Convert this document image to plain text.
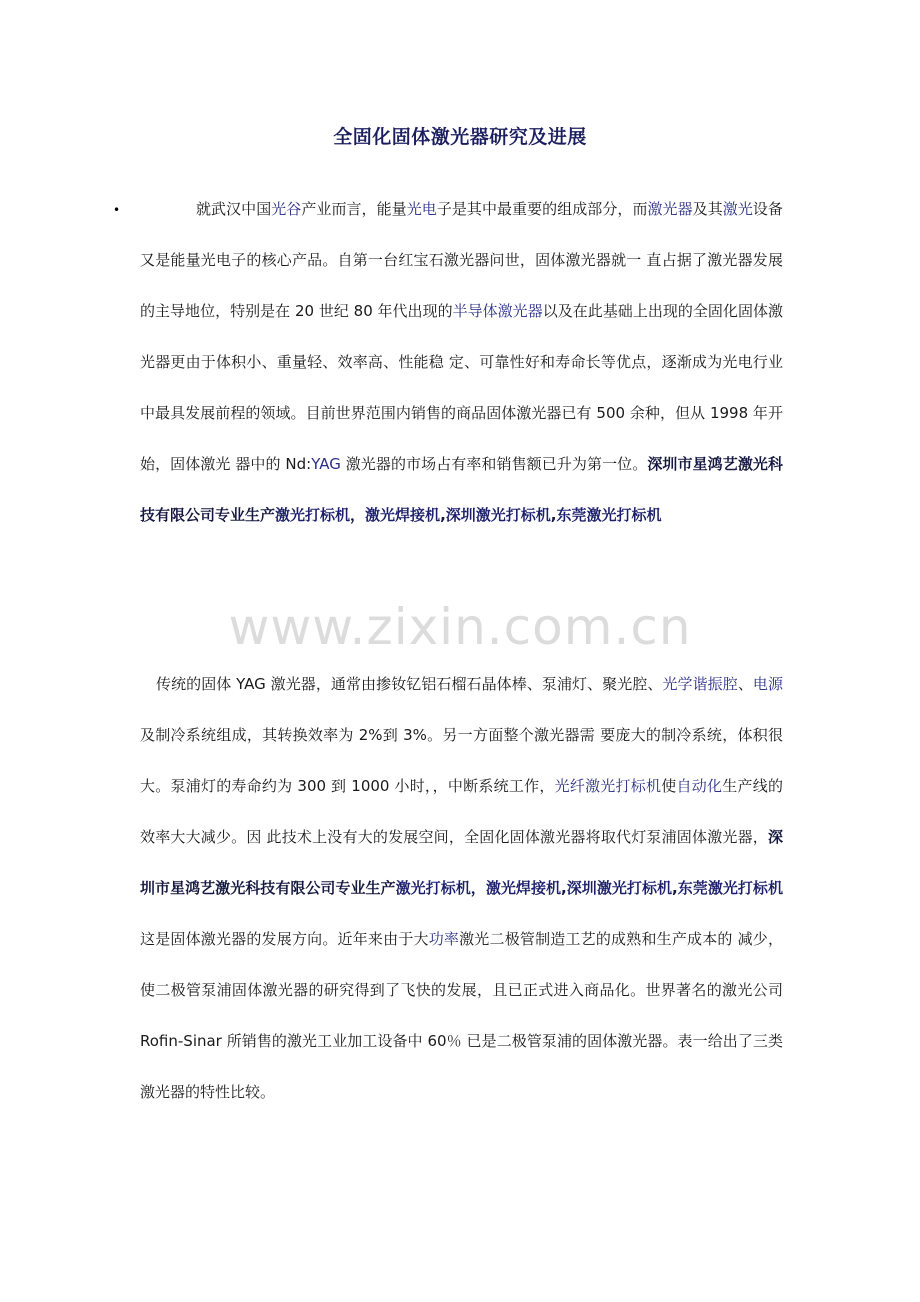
全固化固体激光器研究及进展
•	就武汉中国光谷产业而言，能量光电子是其中最重要的组成部分，而激光器及其激光设备又是能量光电子的核心产品。自第一台红宝石激光器问世，固体激光器就一 直占据了激光器发展的主导地位，特别是在 20 世纪 80 年代出现的半导体激光器以及在此基础上出现的全固化固体激光器更由于体积小、重量轻、效率高、性能稳 定、可靠性好和寿命长等优点，逐渐成为光电行业中最具发展前程的领域。目前世界范围内销售的商品固体激光器已有 500 余种，但从 1998 年开始，固体激光 器中的 Nd:YAG 激光器的市场占有率和销售额已升为第一位。深圳市星鸿艺激光科技有限公司专业生产激光打标机，激光焊接机,深圳激光打标机,东莞激光打标机

www.zixin.com.cn

传统的固体 YAG 激光器，通常由掺钕钇铝石榴石晶体棒、泵浦灯、聚光腔、光学谐振腔、电源及制冷系统组成，其转换效率为 2%到 3%。另一方面整个激光器需 要庞大的制冷系统，体积很大。泵浦灯的寿命约为 300 到 1000 小时，，中断系统工作，光纤激光打标机使自动化生产线的效率大大减少。因 此技术上没有大的发展空间，全固化固体激光器将取代灯泵浦固体激光器，深圳市星鸿艺激光科技有限公司专业生产激光打标机，激光焊接机,深圳激光打标机,东莞激光打标机这是固体激光器的发展方向。近年来由于大功率激光二极管制造工艺的成熟和生产成本的 减少，使二极管泵浦固体激光器的研究得到了飞快的发展，且已正式进入商品化。世界著名的激光公司 Rofin-Sinar 所销售的激光工业加工设备中 60％ 已是二极管泵浦的固体激光器。表一给出了三类激光器的特性比较。
